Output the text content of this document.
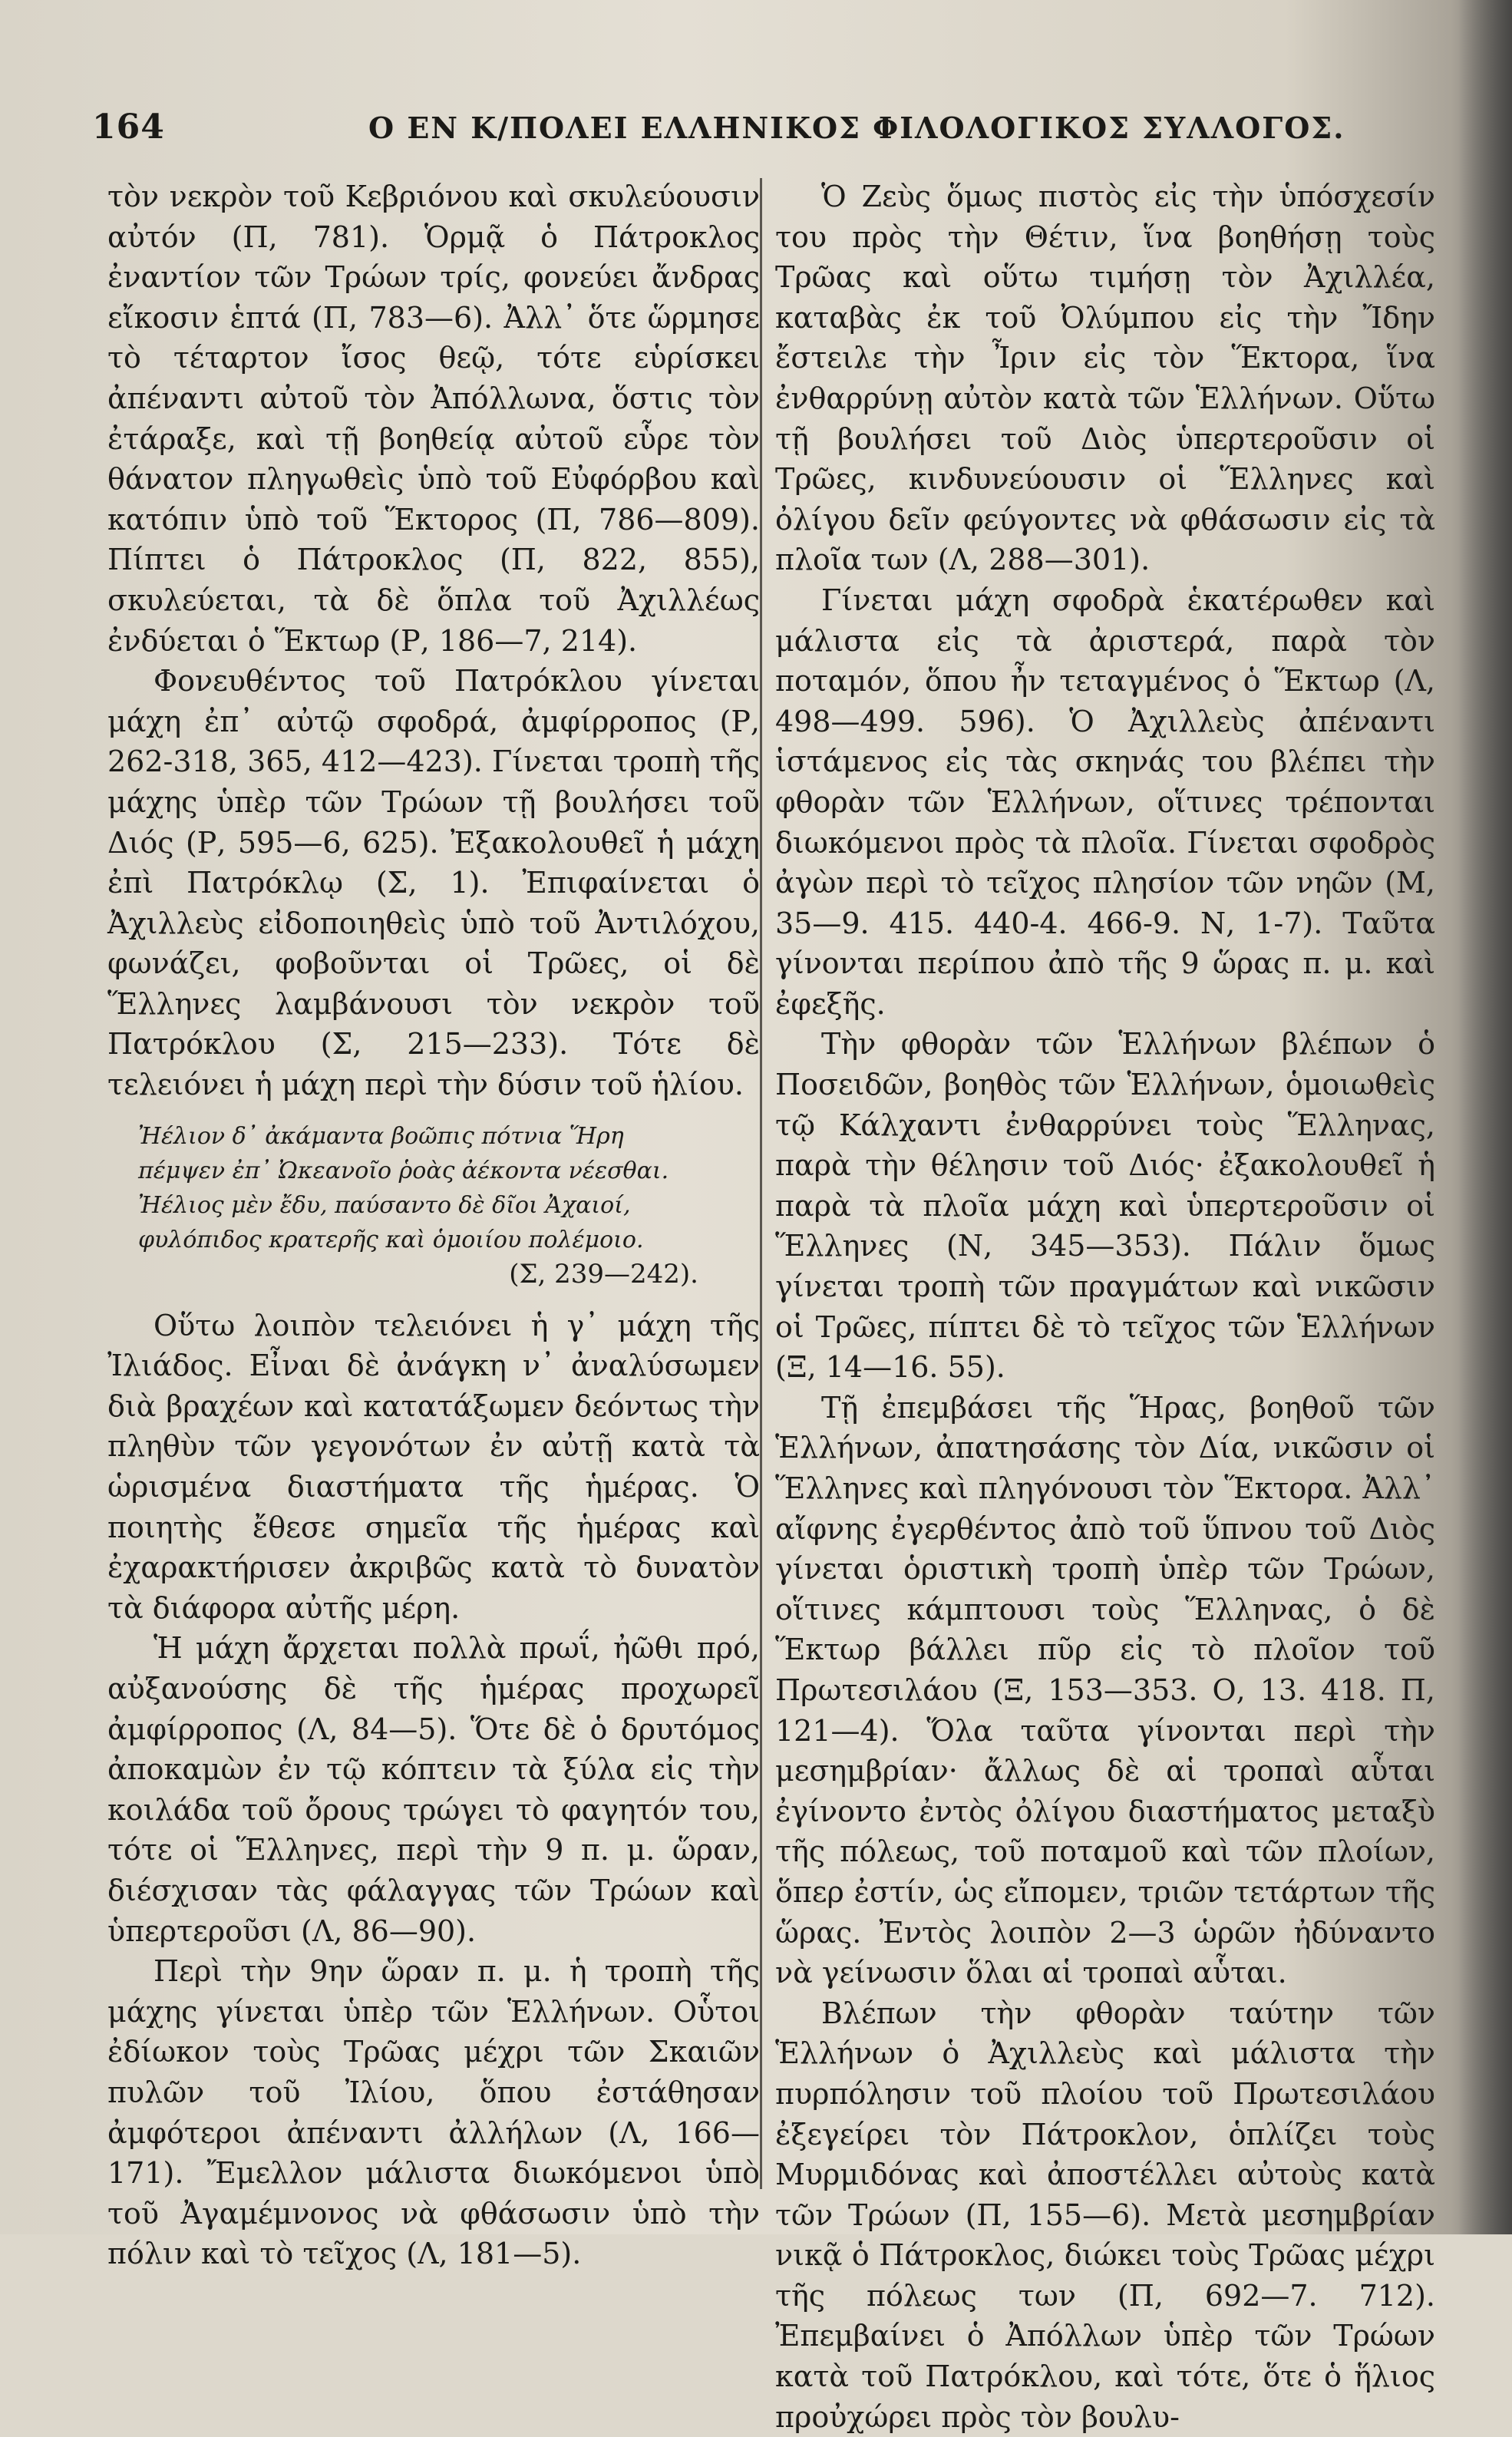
164	Ο ΕΝ Κ/ΠΟΛΕΙ ΕΛΛΗΝΙΚΟΣ ΦΙΛΟΛΟΓΙΚΟΣ ΣΥΛΛΟΓΟΣ.

τὸν νεκρὸν τοῦ Κεβριόνου καὶ σκυλεύουσιν αὐτόν (Π, 781). Ὁρμᾷ ὁ Πάτροκλος ἐναντίον τῶν Τρώων τρίς, φονεύει ἄνδρας εἴκοσιν ἑπτά (Π, 783—6). Ἀλλ᾽ ὅτε ὥρμησε τὸ τέταρτον ἴσος θεῷ, τότε εὑρίσκει ἀπέναντι αὐτοῦ τὸν Ἀπόλλωνα, ὅστις τὸν ἐτάραξε, καὶ τῇ βοηθείᾳ αὐτοῦ εὗρε τὸν θάνατον πληγωθεὶς ὑπὸ τοῦ Εὐφόρβου καὶ κατόπιν ὑπὸ τοῦ Ἕκτορος (Π, 786—809). Πίπτει ὁ Πάτροκλος (Π, 822, 855), σκυλεύεται, τὰ δὲ ὅπλα τοῦ Ἀχιλλέως ἐνδύεται ὁ Ἕκτωρ (Ρ, 186—7, 214).

Φονευθέντος τοῦ Πατρόκλου γίνεται μάχη ἐπ᾽ αὐτῷ σφοδρά, ἀμφίρροπος (Ρ, 262-318, 365, 412—423). Γίνεται τροπὴ τῆς μάχης ὑπὲρ τῶν Τρώων τῇ βουλήσει τοῦ Διός (Ρ, 595—6, 625). Ἐξακολουθεῖ ἡ μάχη ἐπὶ Πατρόκλῳ (Σ, 1). Ἐπιφαίνεται ὁ Ἀχιλλεὺς εἰδοποιηθεὶς ὑπὸ τοῦ Ἀντιλόχου, φωνάζει, φοβοῦνται οἱ Τρῶες, οἱ δὲ Ἕλληνες λαμβάνουσι τὸν νεκρὸν τοῦ Πατρόκλου (Σ, 215—233). Τότε δὲ τελειόνει ἡ μάχη περὶ τὴν δύσιν τοῦ ἡλίου.

Ἠέλιον δ᾽ ἀκάμαντα βοῶπις πότνια Ἥρη
πέμψεν ἐπ᾽ Ὠκεανοῖο ῥοὰς ἀέκοντα νέεσθαι.
Ἠέλιος μὲν ἔδυ, παύσαντο δὲ δῖοι Ἀχαιοί,
φυλόπιδος κρατερῆς καὶ ὁμοιίου πολέμοιο.
(Σ, 239—242).

Οὕτω λοιπὸν τελειόνει ἡ γ᾽ μάχη τῆς Ἰλιάδος. Εἶναι δὲ ἀνάγκη ν᾽ ἀναλύσωμεν διὰ βραχέων καὶ κατατάξωμεν δεόντως τὴν πληθὺν τῶν γεγονότων ἐν αὐτῇ κατὰ τὰ ὡρισμένα διαστήματα τῆς ἡμέρας. Ὁ ποιητὴς ἔθεσε σημεῖα τῆς ἡμέρας καὶ ἐχαρακτήρισεν ἀκριβῶς κατὰ τὸ δυνατὸν τὰ διάφορα αὐτῆς μέρη.

Ἡ μάχη ἄρχεται πολλὰ πρωΐ, ἠῶθι πρό, αὐξανούσης δὲ τῆς ἡμέρας προχωρεῖ ἀμφίρροπος (Λ, 84—5). Ὅτε δὲ ὁ δρυτόμος ἀποκαμὼν ἐν τῷ κόπτειν τὰ ξύλα εἰς τὴν κοιλάδα τοῦ ὄρους τρώγει τὸ φαγητόν του, τότε οἱ Ἕλληνες, περὶ τὴν 9 π. μ. ὥραν, διέσχισαν τὰς φάλαγγας τῶν Τρώων καὶ ὑπερτεροῦσι (Λ, 86—90).

Περὶ τὴν 9ην ὥραν π. μ. ἡ τροπὴ τῆς μάχης γίνεται ὑπὲρ τῶν Ἑλλήνων. Οὗτοι ἐδίωκον τοὺς Τρῶας μέχρι τῶν Σκαιῶν πυλῶν τοῦ Ἰλίου, ὅπου ἐστάθησαν ἀμφότεροι ἀπέναντι ἀλλήλων (Λ, 166—171). Ἔμελλον μάλιστα διωκόμενοι ὑπὸ τοῦ Ἀγαμέμνονος νὰ φθάσωσιν ὑπὸ τὴν πόλιν καὶ τὸ τεῖχος (Λ, 181—5).

Ὁ Ζεὺς ὅμως πιστὸς εἰς τὴν ὑπόσχεσίν του πρὸς τὴν Θέτιν, ἵνα βοηθήσῃ τοὺς Τρῶας καὶ οὕτω τιμήσῃ τὸν Ἀχιλλέα, καταβὰς ἐκ τοῦ Ὀλύμπου εἰς τὴν Ἴδην ἔστειλε τὴν Ἶριν εἰς τὸν Ἕκτορα, ἵνα ἐνθαρρύνῃ αὐτὸν κατὰ τῶν Ἑλλήνων. Οὕτω τῇ βουλήσει τοῦ Διὸς ὑπερτεροῦσιν οἱ Τρῶες, κινδυνεύουσιν οἱ Ἕλληνες καὶ ὀλίγου δεῖν φεύγοντες νὰ φθάσωσιν εἰς τὰ πλοῖα των (Λ, 288—301).

Γίνεται μάχη σφοδρὰ ἑκατέρωθεν καὶ μάλιστα εἰς τὰ ἀριστερά, παρὰ τὸν ποταμόν, ὅπου ἦν τεταγμένος ὁ Ἕκτωρ (Λ, 498—499. 596). Ὁ Ἀχιλλεὺς ἀπέναντι ἱστάμενος εἰς τὰς σκηνάς του βλέπει τὴν φθορὰν τῶν Ἑλλήνων, οἵτινες τρέπονται διωκόμενοι πρὸς τὰ πλοῖα. Γίνεται σφοδρὸς ἀγὼν περὶ τὸ τεῖχος πλησίον τῶν νηῶν (Μ, 35—9. 415. 440-4. 466-9. Ν, 1-7). Ταῦτα γίνονται περίπου ἀπὸ τῆς 9 ὥρας π. μ. καὶ ἐφεξῆς.

Τὴν φθορὰν τῶν Ἑλλήνων βλέπων ὁ Ποσειδῶν, βοηθὸς τῶν Ἑλλήνων, ὁμοιωθεὶς τῷ Κάλχαντι ἐνθαρρύνει τοὺς Ἕλληνας, παρὰ τὴν θέλησιν τοῦ Διός· ἐξακολουθεῖ ἡ παρὰ τὰ πλοῖα μάχη καὶ ὑπερτεροῦσιν οἱ Ἕλληνες (Ν, 345—353). Πάλιν ὅμως γίνεται τροπὴ τῶν πραγμάτων καὶ νικῶσιν οἱ Τρῶες, πίπτει δὲ τὸ τεῖχος τῶν Ἑλλήνων (Ξ, 14—16. 55).

Τῇ ἐπεμβάσει τῆς Ἥρας, βοηθοῦ τῶν Ἑλλήνων, ἀπατησάσης τὸν Δία, νικῶσιν οἱ Ἕλληνες καὶ πληγόνουσι τὸν Ἕκτορα. Ἀλλ᾽ αἴφνης ἐγερθέντος ἀπὸ τοῦ ὕπνου τοῦ Διὸς γίνεται ὁριστικὴ τροπὴ ὑπὲρ τῶν Τρώων, οἵτινες κάμπτουσι τοὺς Ἕλληνας, ὁ δὲ Ἕκτωρ βάλλει πῦρ εἰς τὸ πλοῖον τοῦ Πρωτεσιλάου (Ξ, 153—353. Ο, 13. 418. Π, 121—4). Ὅλα ταῦτα γίνονται περὶ τὴν μεσημβρίαν· ἄλλως δὲ αἱ τροπαὶ αὗται ἐγίνοντο ἐντὸς ὀλίγου διαστήματος μεταξὺ τῆς πόλεως, τοῦ ποταμοῦ καὶ τῶν πλοίων, ὅπερ ἐστίν, ὡς εἴπομεν, τριῶν τετάρτων τῆς ὥρας. Ἐντὸς λοιπὸν 2—3 ὡρῶν ἠδύναντο νὰ γείνωσιν ὅλαι αἱ τροπαὶ αὗται.

Βλέπων τὴν φθορὰν ταύτην τῶν Ἑλλήνων ὁ Ἀχιλλεὺς καὶ μάλιστα τὴν πυρπόλησιν τοῦ πλοίου τοῦ Πρωτεσιλάου ἐξεγείρει τὸν Πάτροκλον, ὁπλίζει τοὺς Μυρμιδόνας καὶ ἀποστέλλει αὐτοὺς κατὰ τῶν Τρώων (Π, 155—6). Μετὰ μεσημβρίαν νικᾷ ὁ Πάτροκλος, διώκει τοὺς Τρῶας μέχρι τῆς πόλεως των (Π, 692—7. 712). Ἐπεμβαίνει ὁ Ἀπόλλων ὑπὲρ τῶν Τρώων κατὰ τοῦ Πατρόκλου, καὶ τότε, ὅτε ὁ ἥλιος προὐχώρει πρὸς τὸν βουλυ-
